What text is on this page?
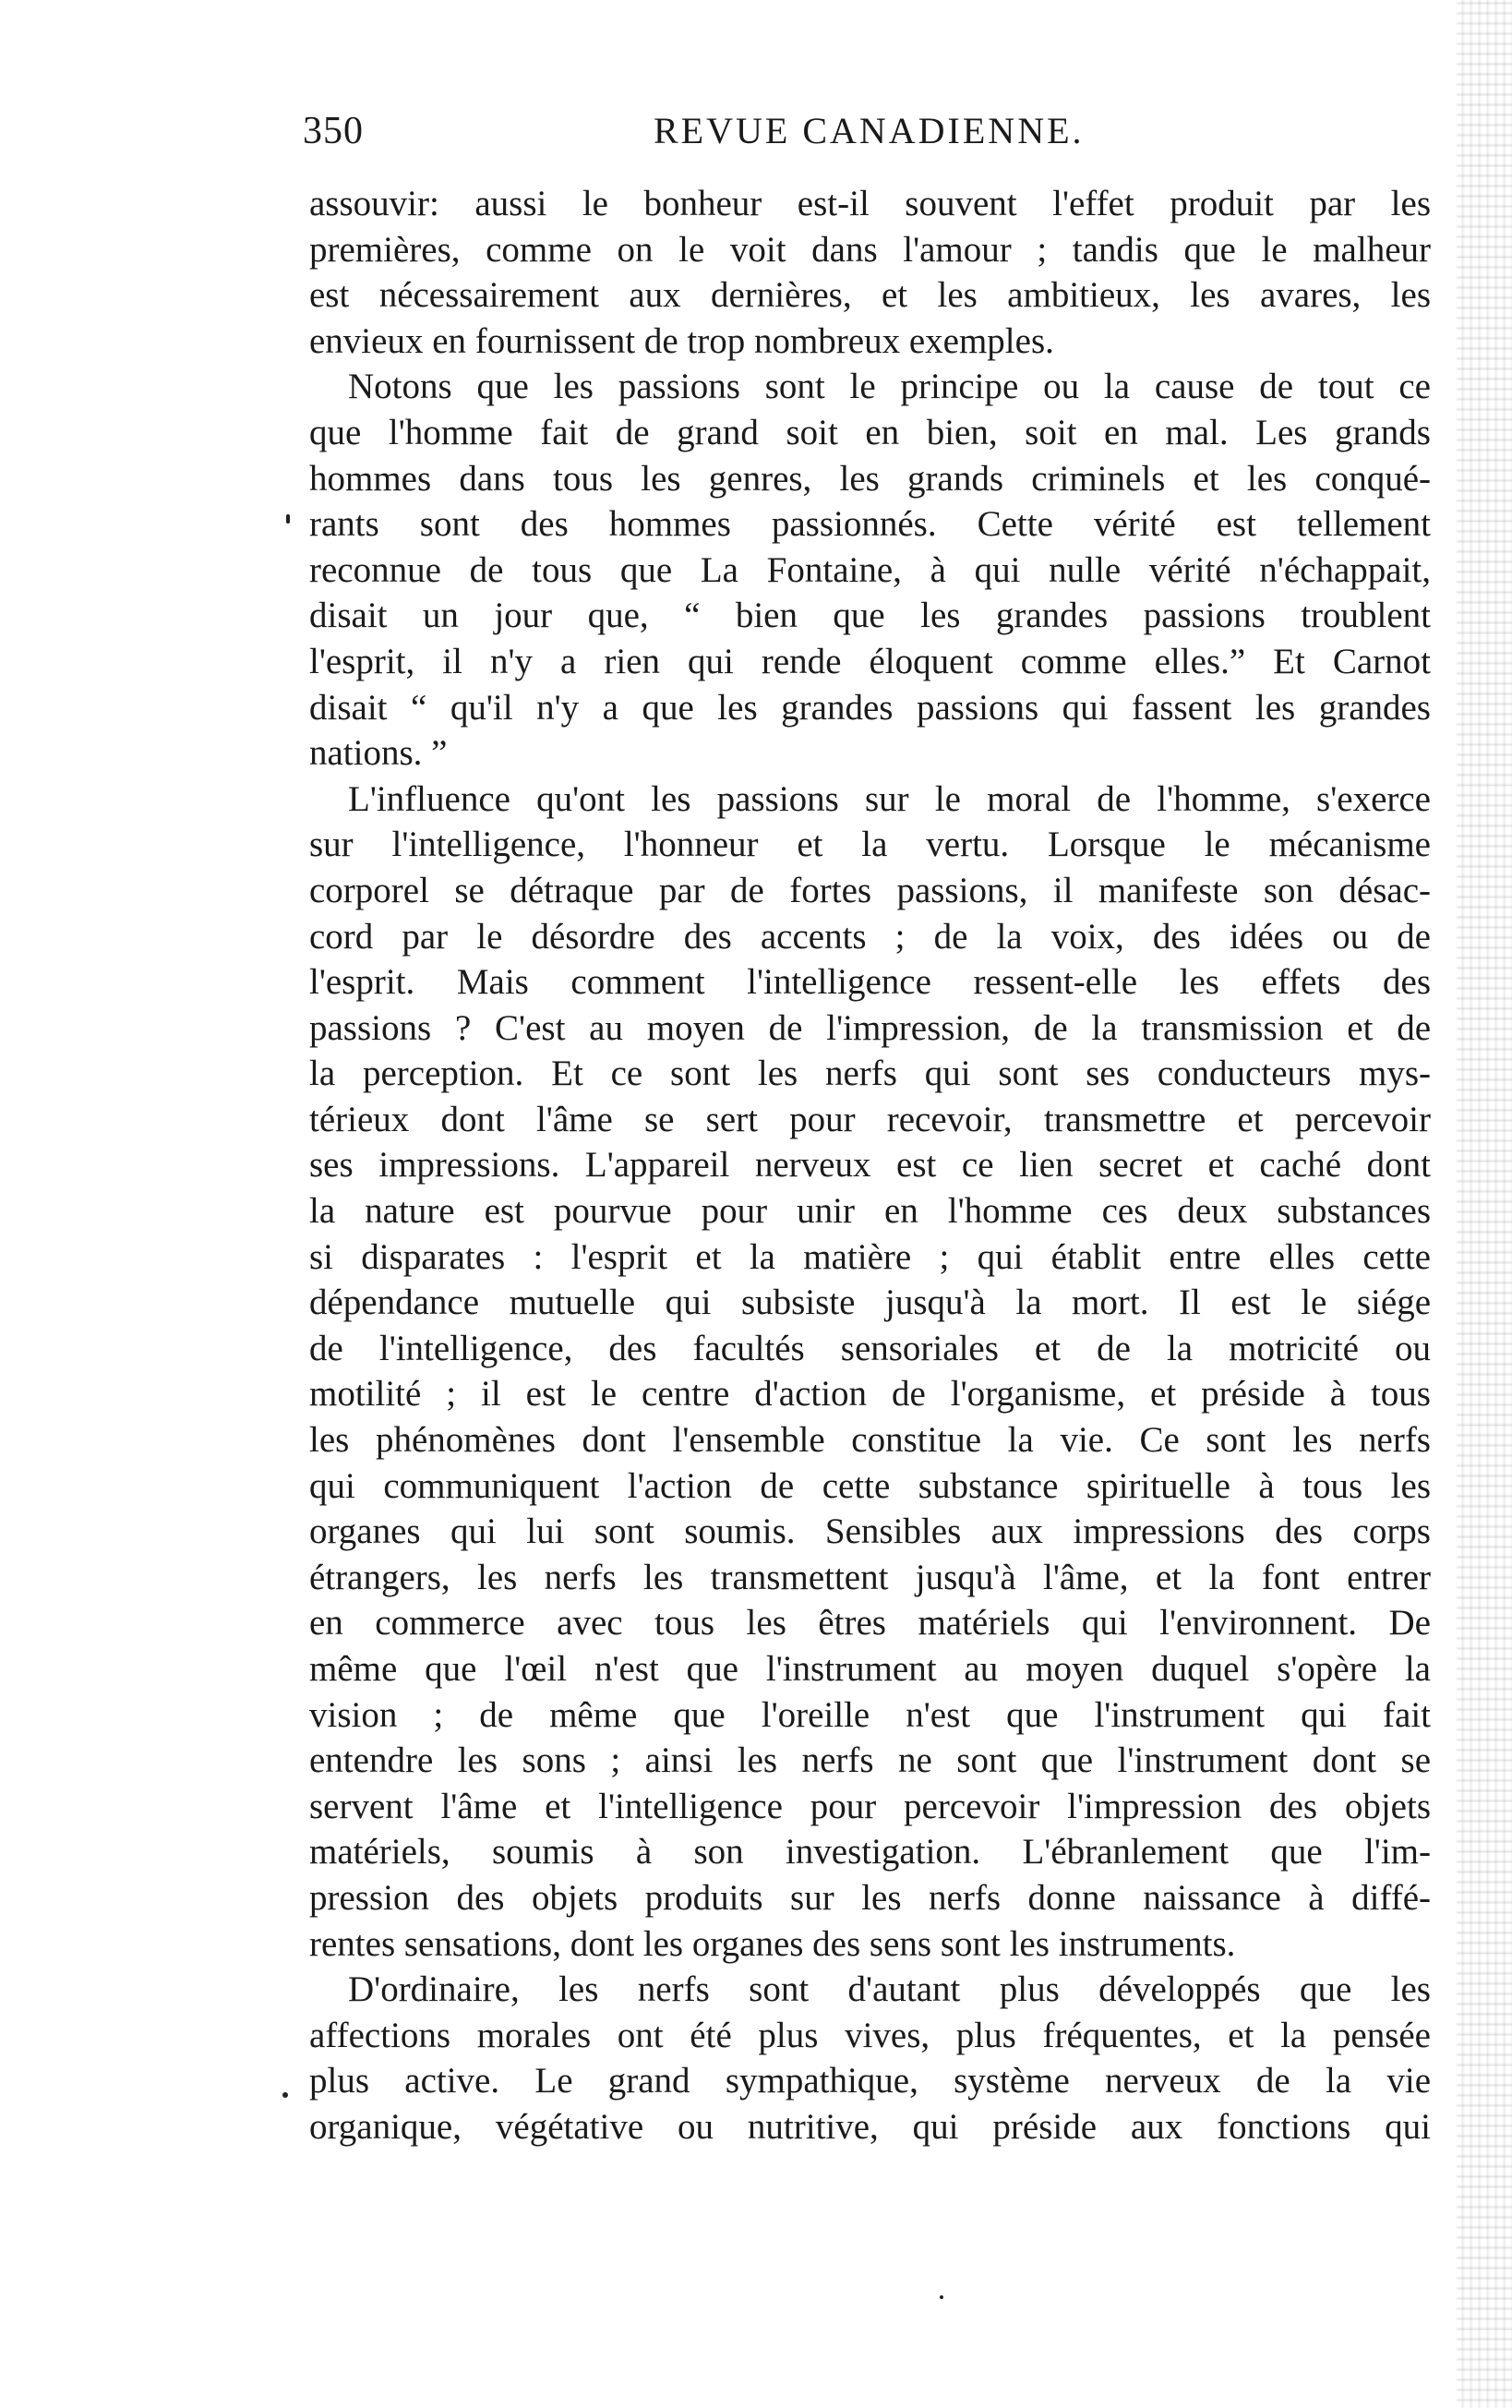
350	REVUE CANADIENNE.
assouvir: aussi le bonheur est-il souvent l'effet produit par les
premières, comme on le voit dans l'amour ; tandis que le malheur
est nécessairement aux dernières, et les ambitieux, les avares, les
envieux en fournissent de trop nombreux exemples.
Notons que les passions sont le principe ou la cause de tout ce
que l'homme fait de grand soit en bien, soit en mal. Les grands
hommes dans tous les genres, les grands criminels et les conqué-
rants sont des hommes passionnés. Cette vérité est tellement
reconnue de tous que La Fontaine, à qui nulle vérité n'échappait,
disait un jour que, “ bien que les grandes passions troublent
l'esprit, il n'y a rien qui rende éloquent comme elles.” Et Carnot
disait “ qu'il n'y a que les grandes passions qui fassent les grandes
nations. ”
L'influence qu'ont les passions sur le moral de l'homme, s'exerce
sur l'intelligence, l'honneur et la vertu. Lorsque le mécanisme
corporel se détraque par de fortes passions, il manifeste son désac-
cord par le désordre des accents ; de la voix, des idées ou de
l'esprit. Mais comment l'intelligence ressent-elle les effets des
passions ? C'est au moyen de l'impression, de la transmission et de
la perception. Et ce sont les nerfs qui sont ses conducteurs mys-
térieux dont l'âme se sert pour recevoir, transmettre et percevoir
ses impressions. L'appareil nerveux est ce lien secret et caché dont
la nature est pourvue pour unir en l'homme ces deux substances
si disparates : l'esprit et la matière ; qui établit entre elles cette
dépendance mutuelle qui subsiste jusqu'à la mort. Il est le siége
de l'intelligence, des facultés sensoriales et de la motricité ou
motilité ; il est le centre d'action de l'organisme, et préside à tous
les phénomènes dont l'ensemble constitue la vie. Ce sont les nerfs
qui communiquent l'action de cette substance spirituelle à tous les
organes qui lui sont soumis. Sensibles aux impressions des corps
étrangers, les nerfs les transmettent jusqu'à l'âme, et la font entrer
en commerce avec tous les êtres matériels qui l'environnent. De
même que l'œil n'est que l'instrument au moyen duquel s'opère la
vision ; de même que l'oreille n'est que l'instrument qui fait
entendre les sons ; ainsi les nerfs ne sont que l'instrument dont se
servent l'âme et l'intelligence pour percevoir l'impression des objets
matériels, soumis à son investigation. L'ébranlement que l'im-
pression des objets produits sur les nerfs donne naissance à diffé-
rentes sensations, dont les organes des sens sont les instruments.
D'ordinaire, les nerfs sont d'autant plus développés que les
affections morales ont été plus vives, plus fréquentes, et la pensée
plus active. Le grand sympathique, système nerveux de la vie
organique, végétative ou nutritive, qui préside aux fonctions qui
